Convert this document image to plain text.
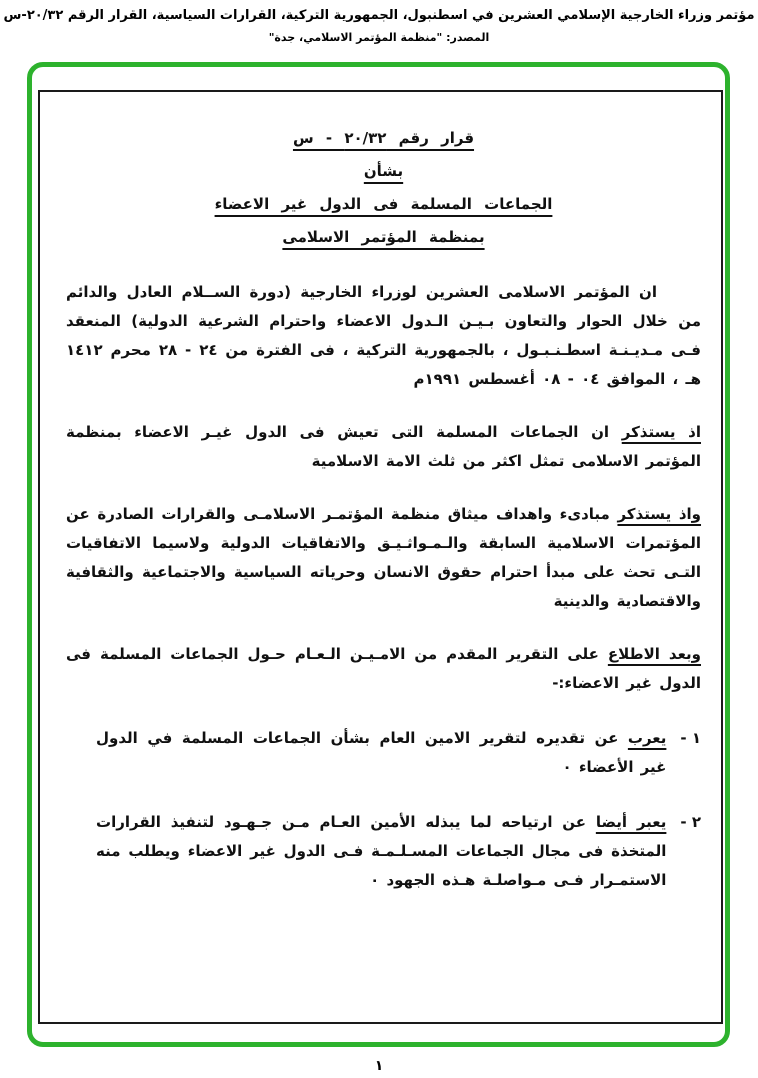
مؤتمر وزراء الخارجية الإسلامي العشرين في اسطنبول، الجمهورية التركية، القرارات السياسية، القرار الرقم ٢٠/٣٢-س
المصدر: "منظمة المؤتمر الاسلامي، جدة"
قرار رقم ٢٠/٣٢ - س
بشأن
الجماعات المسلمة فى الدول غير الاعضاء
بمنظمة المؤتمر الاسلامى
ان المؤتمر الاسلامى العشرين لوزراء الخارجية (دورة الســلام العادل والدائم من خلال الحوار والتعاون بـيـن الـدول الاعضاء واحترام الشرعية الدولية) المنعقد فـى مـديـنـة اسطـنـبـول ، بالجمهورية التركية ، فى الفترة من ٢٤ - ٢٨ محرم ١٤١٢ هـ ، الموافق ٠٤ - ٠٨ أغسطس ١٩٩١م
اذ يستذكر ان الجماعات المسلمة التى تعيش فى الدول غيـر الاعضاء بمنظمة المؤتمر الاسلامى تمثل اكثر من ثلث الامة الاسلامية
واذ يستذكر مبادىء واهداف ميثاق منظمة المؤتمـر الاسلامـى والقرارات الصادرة عن المؤتمرات الاسلامية السابقة والـمـواثـيـق والاتفاقيات الدولية ولاسيما الاتفاقيات التـى تحث على مبدأ احترام حقوق الانسان وحرياته السياسية والاجتماعية والثقافية والاقتصادية والدينية
وبعد الاطلاع على التقرير المقدم من الامـيـن الـعـام حـول الجماعات المسلمة فى الدول غير الاعضاء:-
١ -
يعرب عن تقديره لتقرير الامين العام بشأن الجماعات المسلمة في الدول غير الأعضاء ٠
٢ -
يعبر أيضا عن ارتياحه لما يبذله الأمين العـام مـن جـهـود لتنفيذ القرارات المتخذة فى مجال الجماعات المسـلـمـة فـى الدول غير الاعضاء ويطلب منه الاستمـرار فـى مـواصلـة هـذه الجهود ٠
١
